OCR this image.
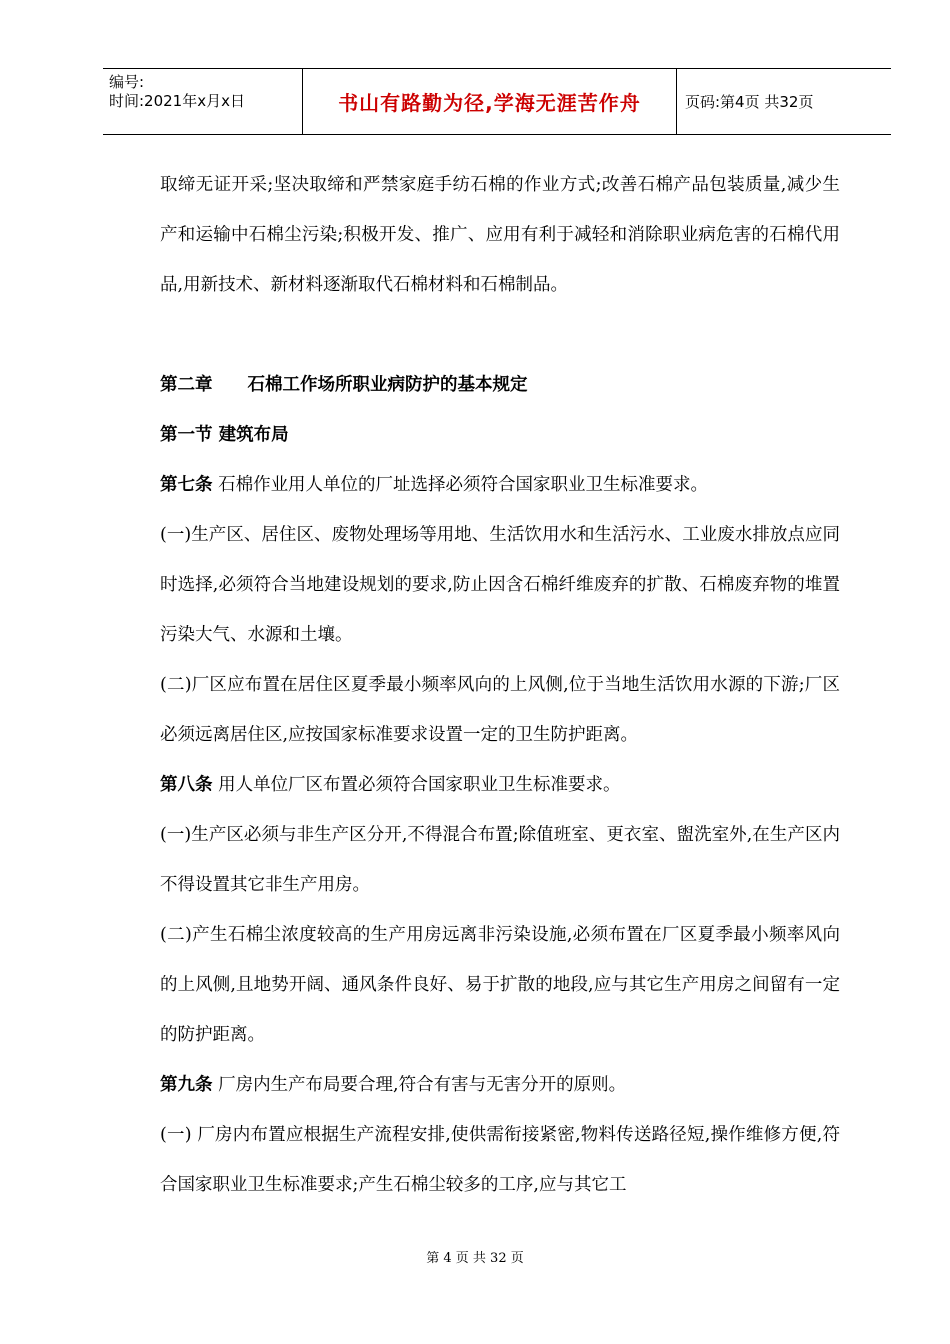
编号:
时间:2021年x月x日	书山有路勤为径,学海无涯苦作舟	页码:第4页 共32页

取缔无证开采;坚决取缔和严禁家庭手纺石棉的作业方式;改善石棉产品包装质量,减少生产和运输中石棉尘污染;积极开发、推广、应用有利于减轻和消除职业病危害的石棉代用品,用新技术、新材料逐渐取代石棉材料和石棉制品。

第二章　　石棉工作场所职业病防护的基本规定

第一节 建筑布局

第七条 石棉作业用人单位的厂址选择必须符合国家职业卫生标准要求。

(一)生产区、居住区、废物处理场等用地、生活饮用水和生活污水、工业废水排放点应同时选择,必须符合当地建设规划的要求,防止因含石棉纤维废弃的扩散、石棉废弃物的堆置污染大气、水源和土壤。

(二)厂区应布置在居住区夏季最小频率风向的上风侧,位于当地生活饮用水源的下游;厂区必须远离居住区,应按国家标准要求设置一定的卫生防护距离。

第八条 用人单位厂区布置必须符合国家职业卫生标准要求。

(一)生产区必须与非生产区分开,不得混合布置;除值班室、更衣室、盥洗室外,在生产区内不得设置其它非生产用房。

(二)产生石棉尘浓度较高的生产用房远离非污染设施,必须布置在厂区夏季最小频率风向的上风侧,且地势开阔、通风条件良好、易于扩散的地段,应与其它生产用房之间留有一定的防护距离。

第九条 厂房内生产布局要合理,符合有害与无害分开的原则。

(一) 厂房内布置应根据生产流程安排,使供需衔接紧密,物料传送路径短,操作维修方便,符合国家职业卫生标准要求;产生石棉尘较多的工序,应与其它工

第 4 页 共 32 页
